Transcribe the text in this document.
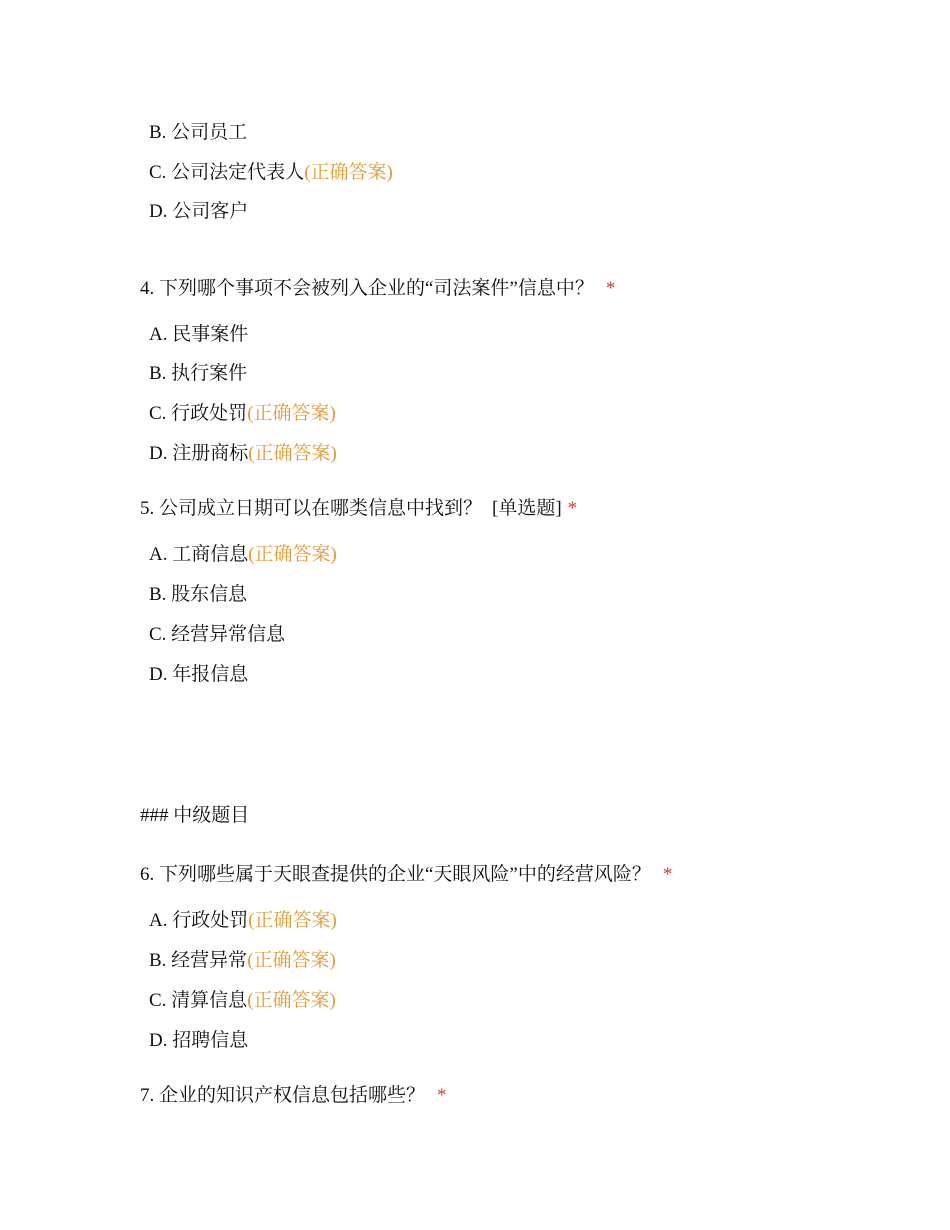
B. 公司员工
C. 公司法定代表人(正确答案)
D. 公司客户
4. 下列哪个事项不会被列入企业的“司法案件”信息中？ *
A. 民事案件
B. 执行案件
C. 行政处罚(正确答案)
D. 注册商标(正确答案)
5. 公司成立日期可以在哪类信息中找到？ [单选题] *
A. 工商信息(正确答案)
B. 股东信息
C. 经营异常信息
D. 年报信息
### 中级题目
6. 下列哪些属于天眼查提供的企业“天眼风险”中的经营风险？ *
A. 行政处罚(正确答案)
B. 经营异常(正确答案)
C. 清算信息(正确答案)
D. 招聘信息
7. 企业的知识产权信息包括哪些？ *
